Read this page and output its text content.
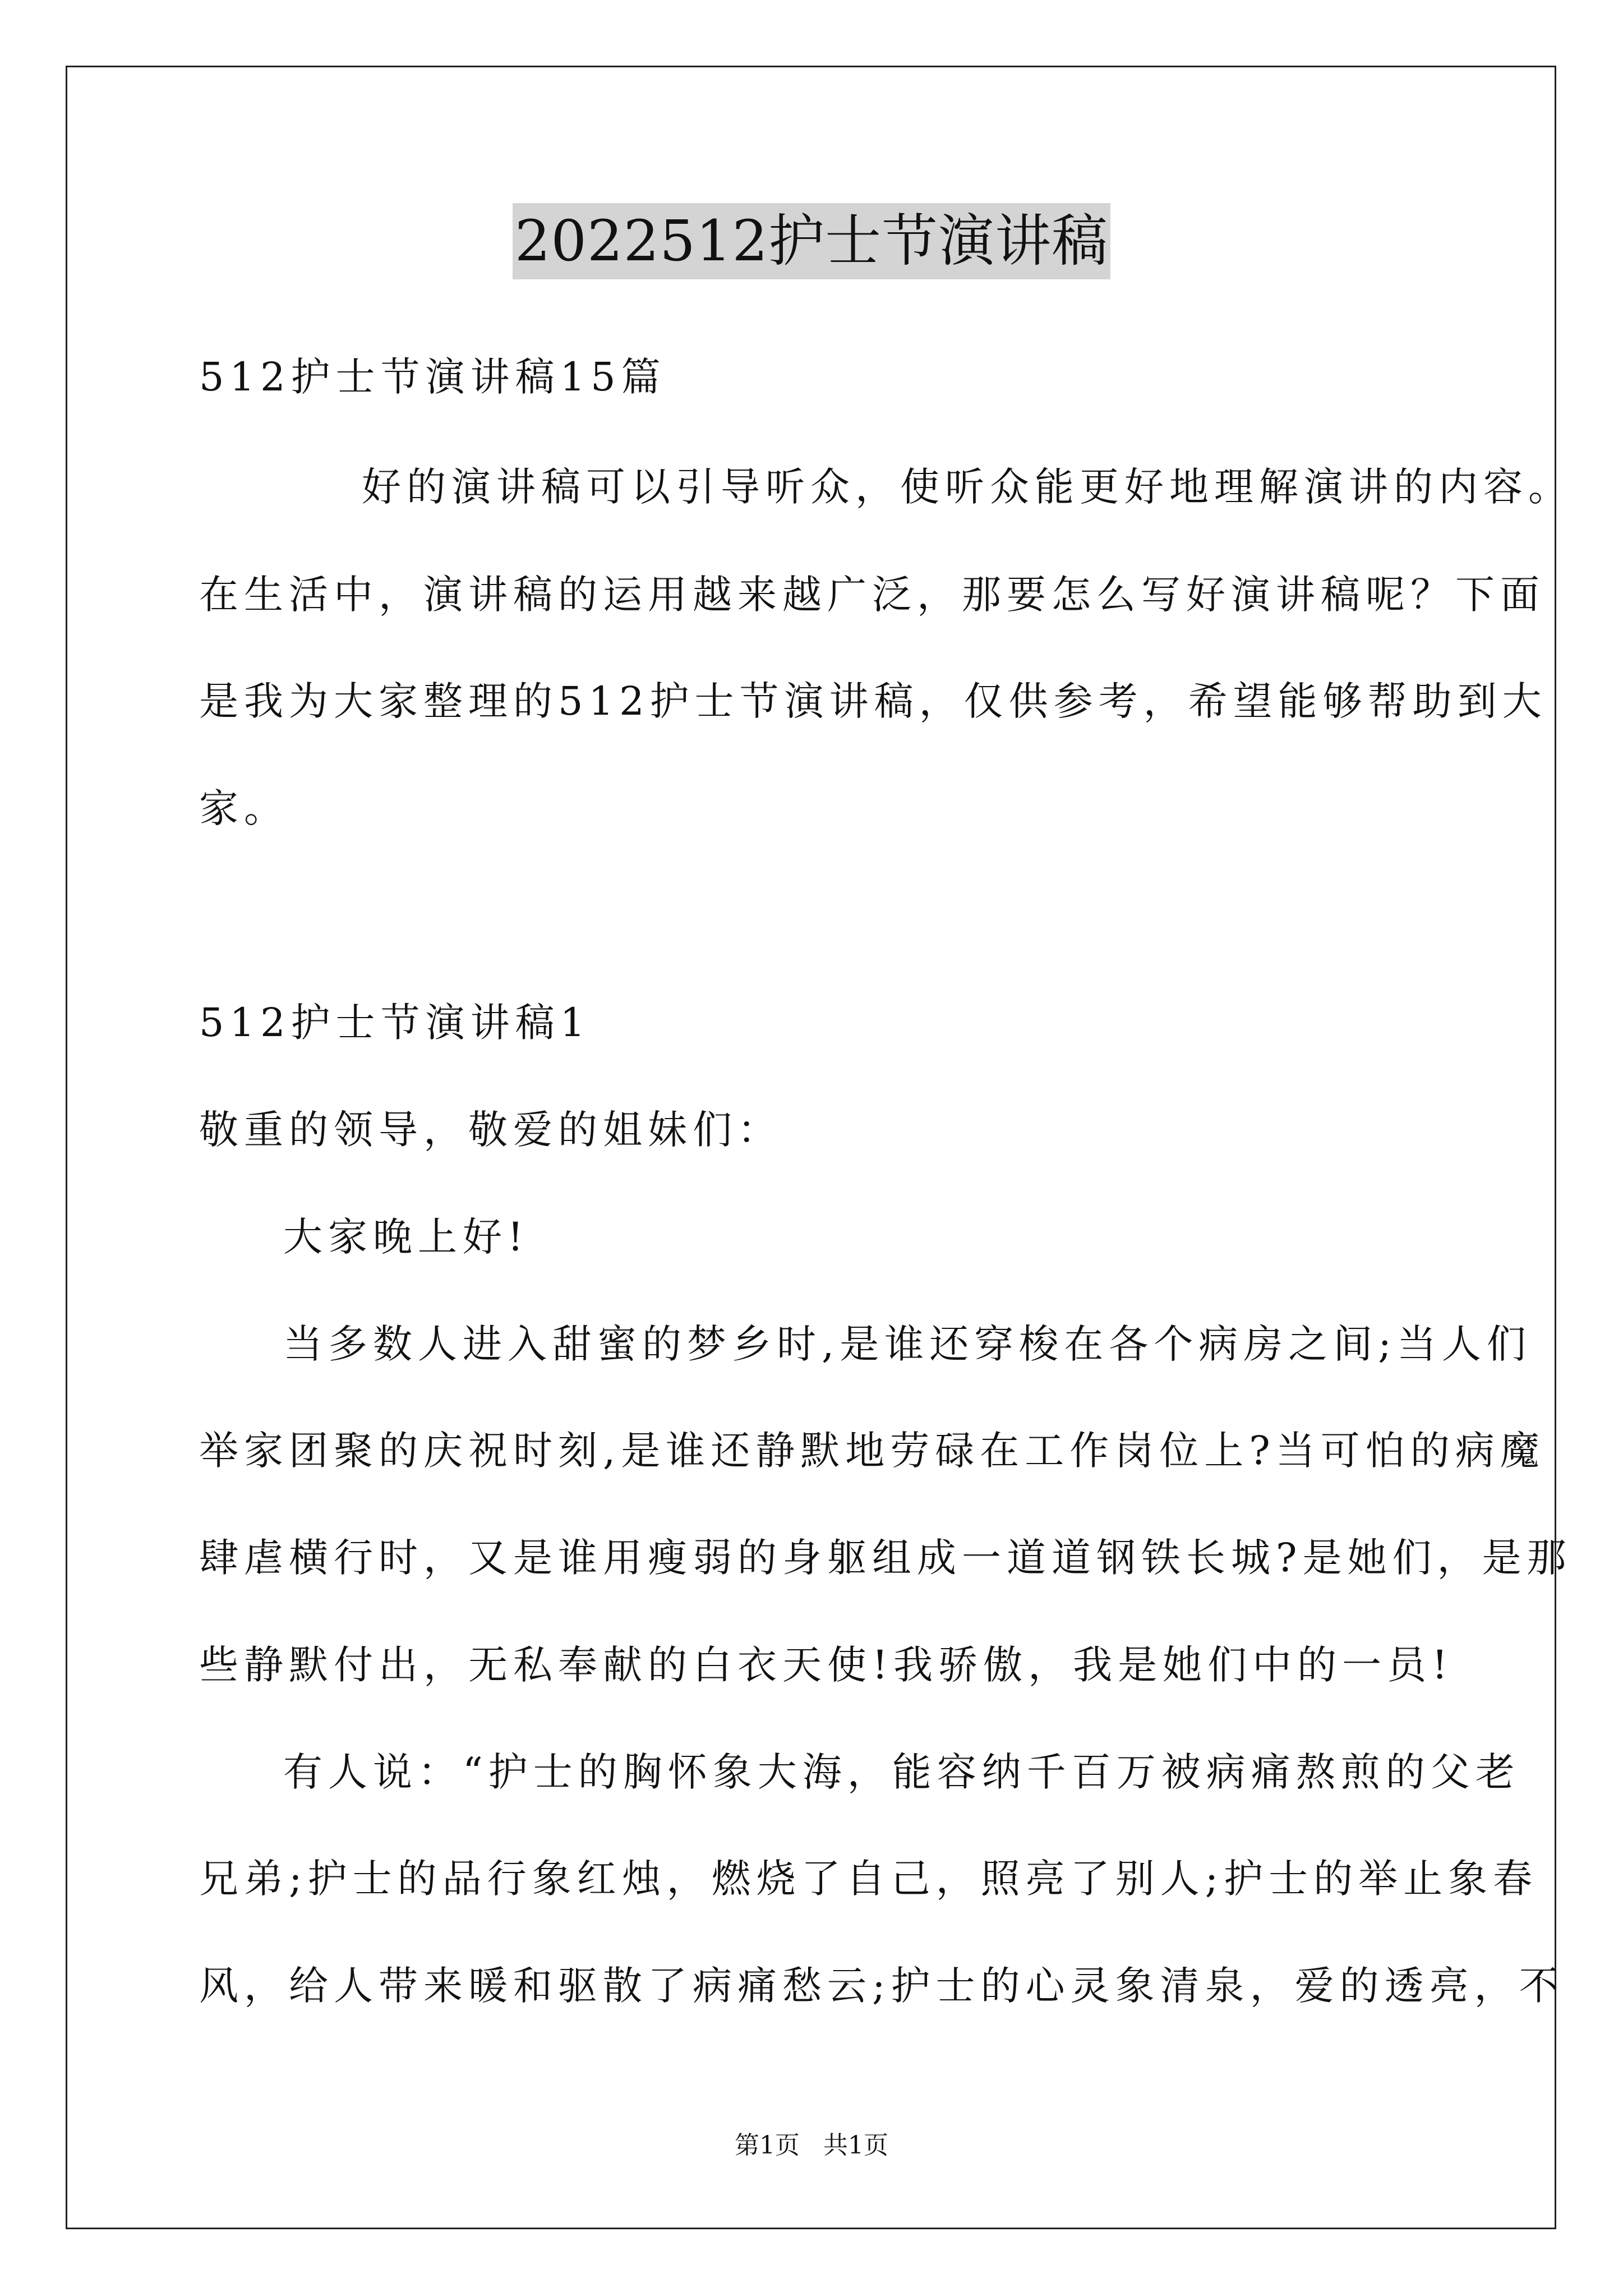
2022512护士节演讲稿
512护士节演讲稿15篇
好的演讲稿可以引导听众，使听众能更好地理解演讲的内容。
在生活中，演讲稿的运用越来越广泛，那要怎么写好演讲稿呢？下面
是我为大家整理的512护士节演讲稿，仅供参考，希望能够帮助到大
家。
512护士节演讲稿1
敬重的领导，敬爱的姐妹们：
大家晚上好!
当多数人进入甜蜜的梦乡时,是谁还穿梭在各个病房之间;当人们
举家团聚的庆祝时刻,是谁还静默地劳碌在工作岗位上?当可怕的病魔
肆虐横行时，又是谁用瘦弱的身躯组成一道道钢铁长城?是她们，是那
些静默付出，无私奉献的白衣天使!我骄傲，我是她们中的一员!
有人说：“护士的胸怀象大海，能容纳千百万被病痛熬煎的父老
兄弟;护士的品行象红烛，燃烧了自己，照亮了别人;护士的举止象春
风，给人带来暖和驱散了病痛愁云;护士的心灵象清泉，爱的透亮，不
第1页   共1页
